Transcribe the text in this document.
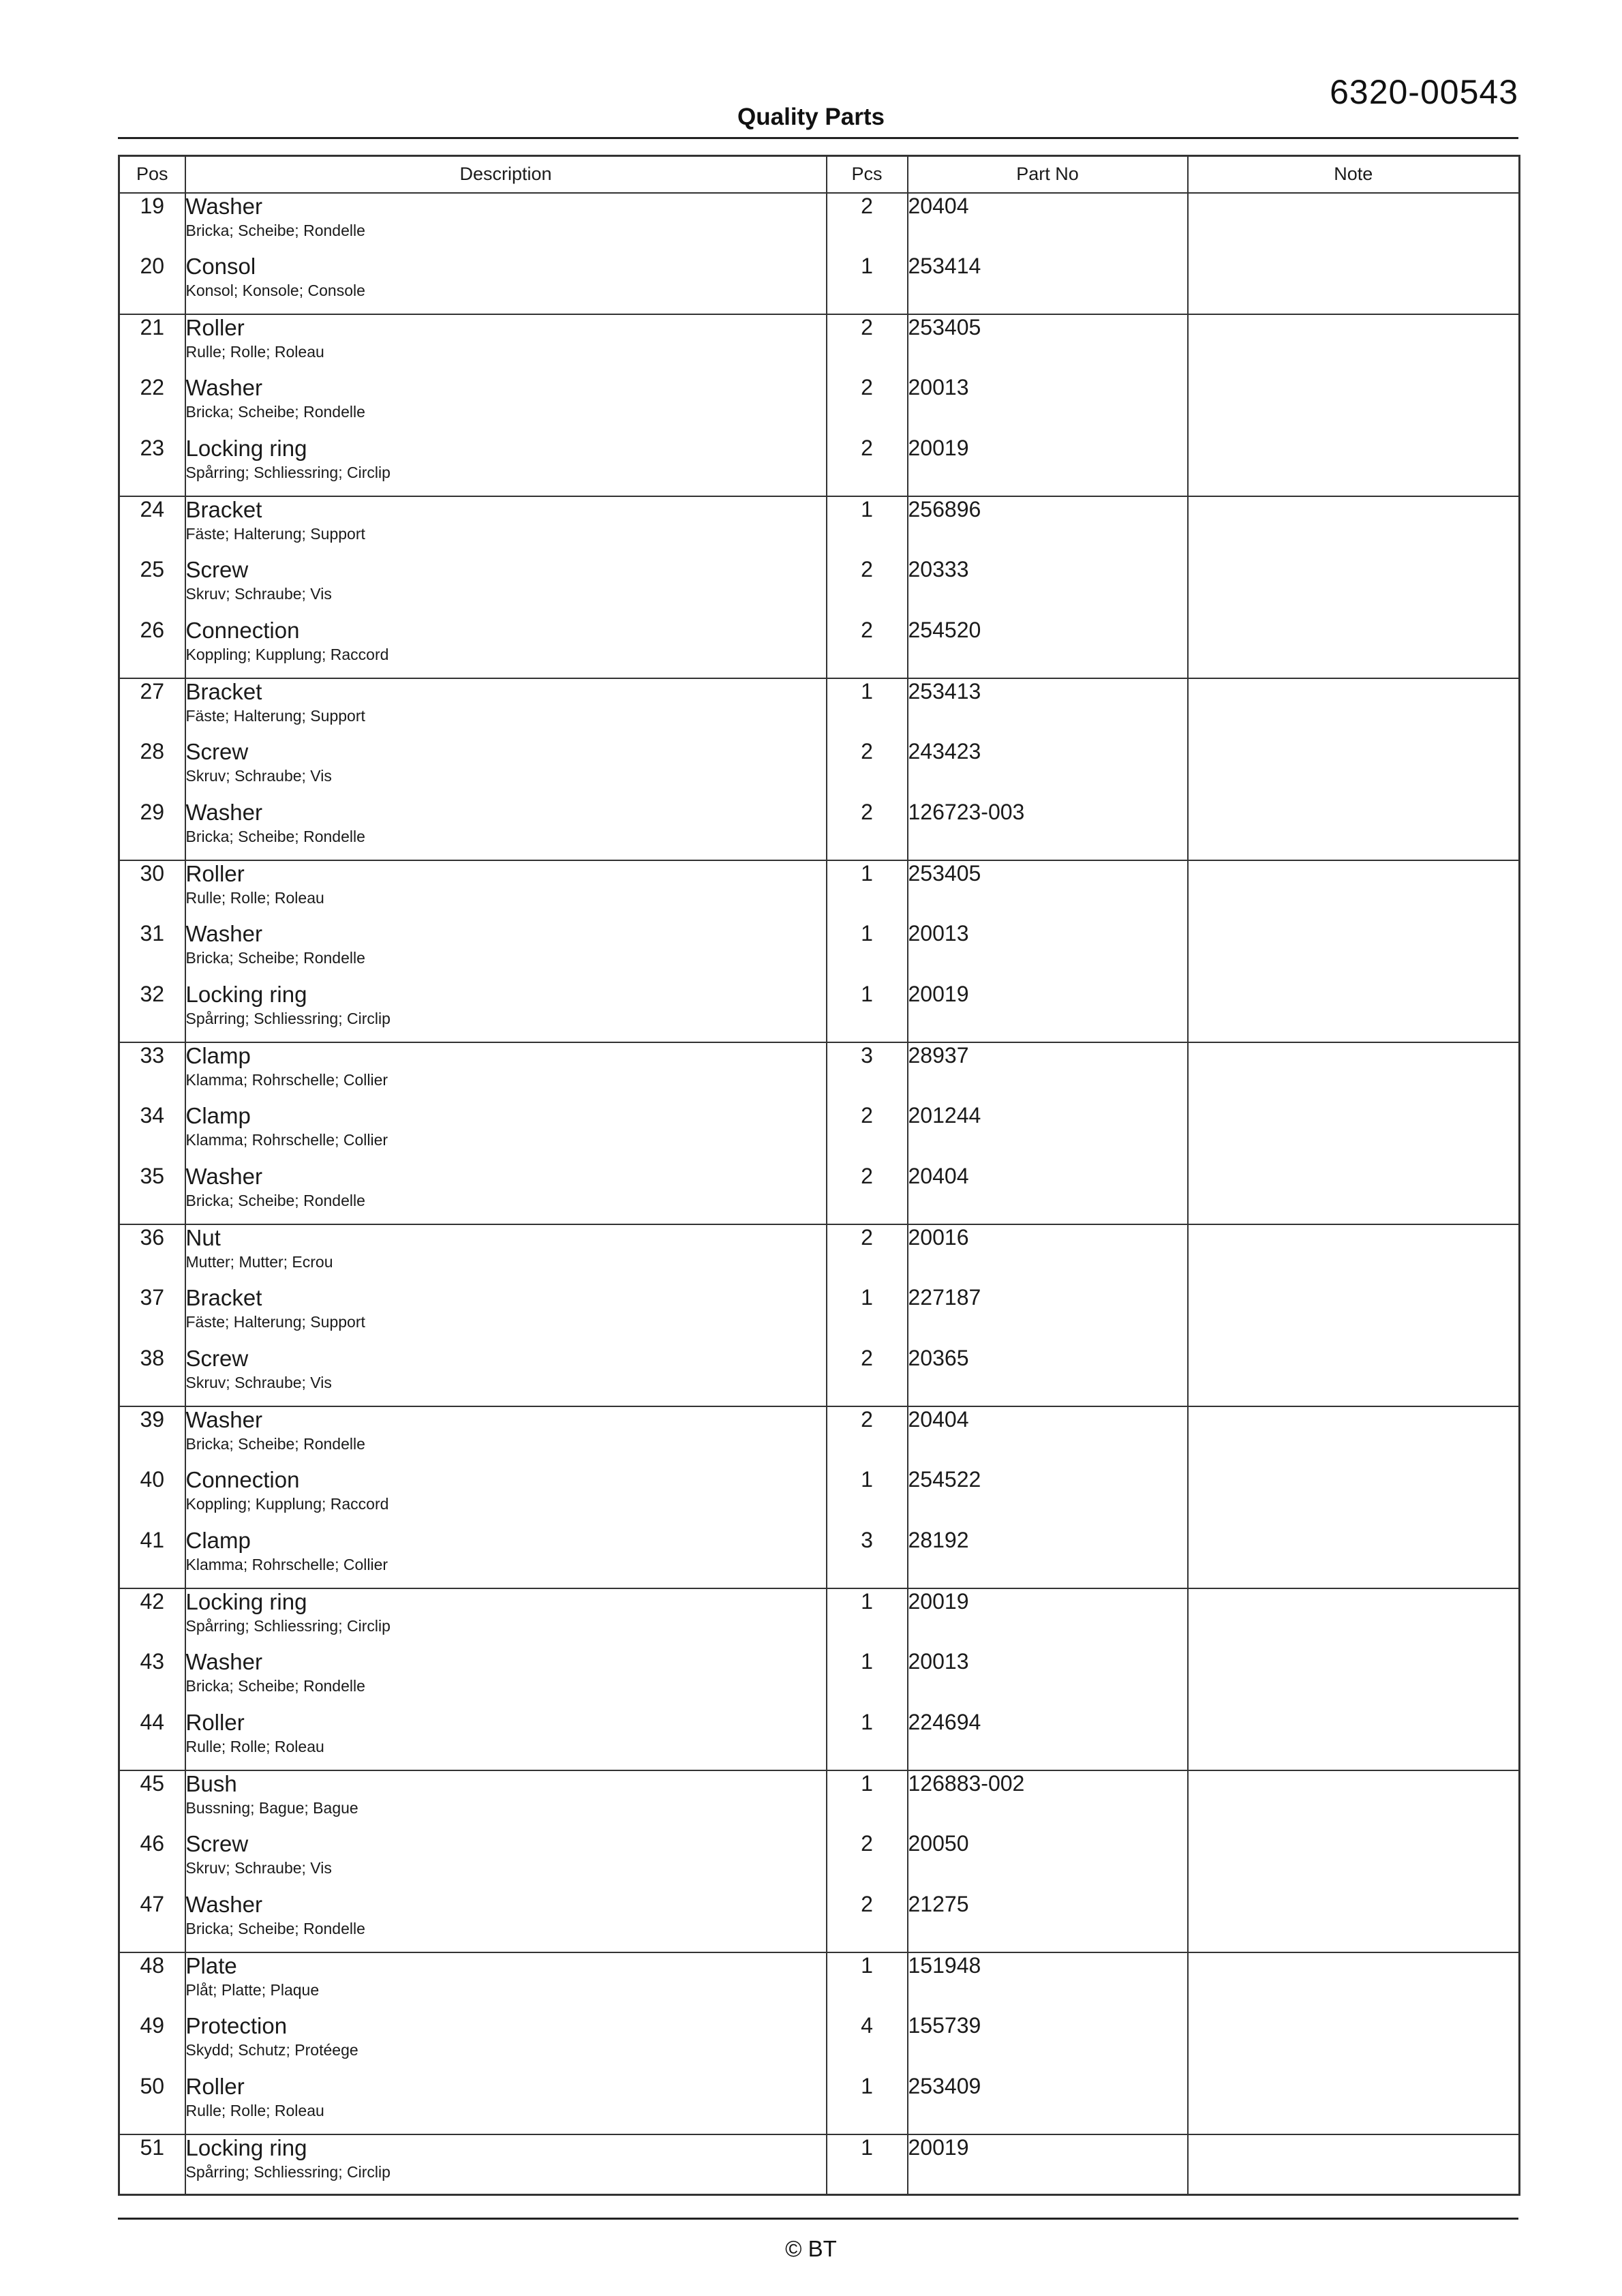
6320-00543
Quality Parts
Pos	Description	Pcs	Part No	Note
19	Washer
Bricka; Scheibe; Rondelle	2	20404	
20	Consol
Konsol; Konsole; Console	1	253414	
21	Roller
Rulle; Rolle; Roleau	2	253405	
22	Washer
Bricka; Scheibe; Rondelle	2	20013	
23	Locking ring
Spårring; Schliessring; Circlip	2	20019	
24	Bracket
Fäste; Halterung; Support	1	256896	
25	Screw
Skruv; Schraube; Vis	2	20333	
26	Connection
Koppling; Kupplung; Raccord	2	254520	
27	Bracket
Fäste; Halterung; Support	1	253413	
28	Screw
Skruv; Schraube; Vis	2	243423	
29	Washer
Bricka; Scheibe; Rondelle	2	126723-003	
30	Roller
Rulle; Rolle; Roleau	1	253405	
31	Washer
Bricka; Scheibe; Rondelle	1	20013	
32	Locking ring
Spårring; Schliessring; Circlip	1	20019	
33	Clamp
Klamma; Rohrschelle; Collier	3	28937	
34	Clamp
Klamma; Rohrschelle; Collier	2	201244	
35	Washer
Bricka; Scheibe; Rondelle	2	20404	
36	Nut
Mutter; Mutter; Ecrou	2	20016	
37	Bracket
Fäste; Halterung; Support	1	227187	
38	Screw
Skruv; Schraube; Vis	2	20365	
39	Washer
Bricka; Scheibe; Rondelle	2	20404	
40	Connection
Koppling; Kupplung; Raccord	1	254522	
41	Clamp
Klamma; Rohrschelle; Collier	3	28192	
42	Locking ring
Spårring; Schliessring; Circlip	1	20019	
43	Washer
Bricka; Scheibe; Rondelle	1	20013	
44	Roller
Rulle; Rolle; Roleau	1	224694	
45	Bush
Bussning; Bague; Bague	1	126883-002	
46	Screw
Skruv; Schraube; Vis	2	20050	
47	Washer
Bricka; Scheibe; Rondelle	2	21275	
48	Plate
Plåt; Platte; Plaque	1	151948	
49	Protection
Skydd; Schutz; Protéege	4	155739	
50	Roller
Rulle; Rolle; Roleau	1	253409	
51	Locking ring
Spårring; Schliessring; Circlip	1	20019	
© BT
